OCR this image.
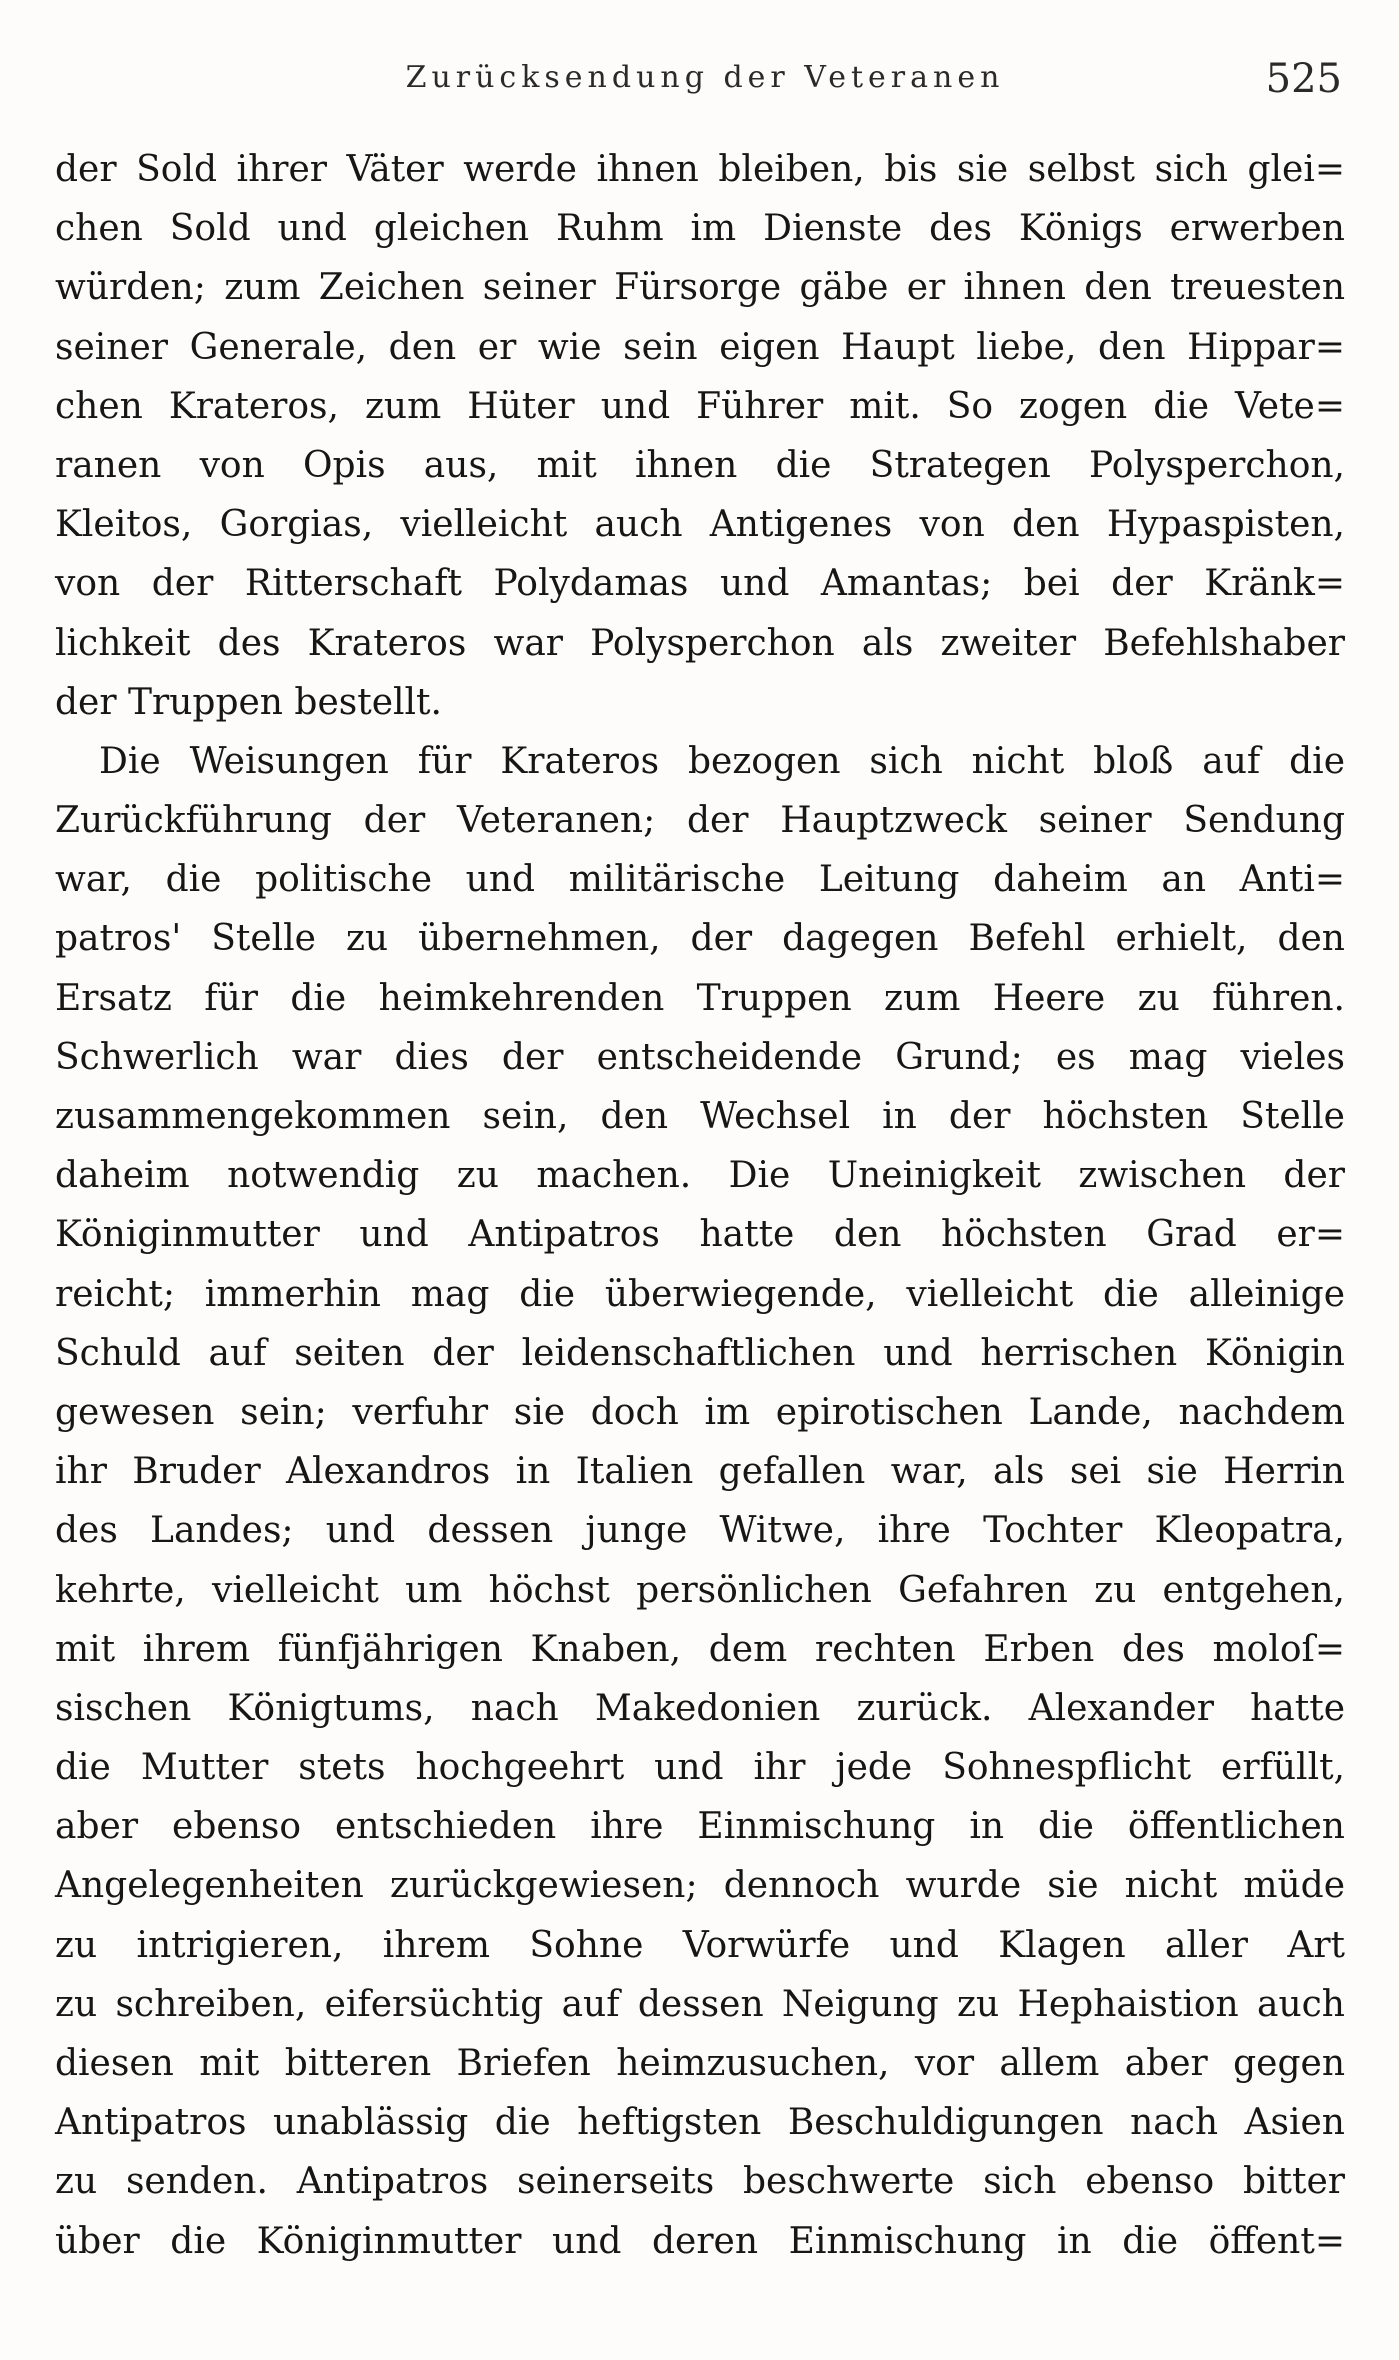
Zurücksendung der Veteranen	525
der Sold ihrer Väter werde ihnen bleiben, bis sie selbst sich glei=
chen Sold und gleichen Ruhm im Dienste des Königs erwerben
würden; zum Zeichen seiner Fürsorge gäbe er ihnen den treuesten
seiner Generale, den er wie sein eigen Haupt liebe, den Hippar=
chen Krateros, zum Hüter und Führer mit. So zogen die Vete=
ranen von Opis aus, mit ihnen die Strategen Polysperchon,
Kleitos, Gorgias, vielleicht auch Antigenes von den Hypaspisten,
von der Ritterschaft Polydamas und Amantas; bei der Kränk=
lichkeit des Krateros war Polysperchon als zweiter Befehlshaber
der Truppen bestellt.
Die Weisungen für Krateros bezogen sich nicht bloß auf die
Zurückführung der Veteranen; der Hauptzweck seiner Sendung
war, die politische und militärische Leitung daheim an Anti=
patros' Stelle zu übernehmen, der dagegen Befehl erhielt, den
Ersatz für die heimkehrenden Truppen zum Heere zu führen.
Schwerlich war dies der entscheidende Grund; es mag vieles
zusammengekommen sein, den Wechsel in der höchsten Stelle
daheim notwendig zu machen. Die Uneinigkeit zwischen der
Königinmutter und Antipatros hatte den höchsten Grad er=
reicht; immerhin mag die überwiegende, vielleicht die alleinige
Schuld auf seiten der leidenschaftlichen und herrischen Königin
gewesen sein; verfuhr sie doch im epirotischen Lande, nachdem
ihr Bruder Alexandros in Italien gefallen war, als sei sie Herrin
des Landes; und dessen junge Witwe, ihre Tochter Kleopatra,
kehrte, vielleicht um höchst persönlichen Gefahren zu entgehen,
mit ihrem fünfjährigen Knaben, dem rechten Erben des moloſ=
sischen Königtums, nach Makedonien zurück. Alexander hatte
die Mutter stets hochgeehrt und ihr jede Sohnespflicht erfüllt,
aber ebenso entschieden ihre Einmischung in die öffentlichen
Angelegenheiten zurückgewiesen; dennoch wurde sie nicht müde
zu intrigieren, ihrem Sohne Vorwürfe und Klagen aller Art
zu schreiben, eifersüchtig auf dessen Neigung zu Hephaistion auch
diesen mit bitteren Briefen heimzusuchen, vor allem aber gegen
Antipatros unablässig die heftigsten Beschuldigungen nach Asien
zu senden. Antipatros seinerseits beschwerte sich ebenso bitter
über die Königinmutter und deren Einmischung in die öffent=
